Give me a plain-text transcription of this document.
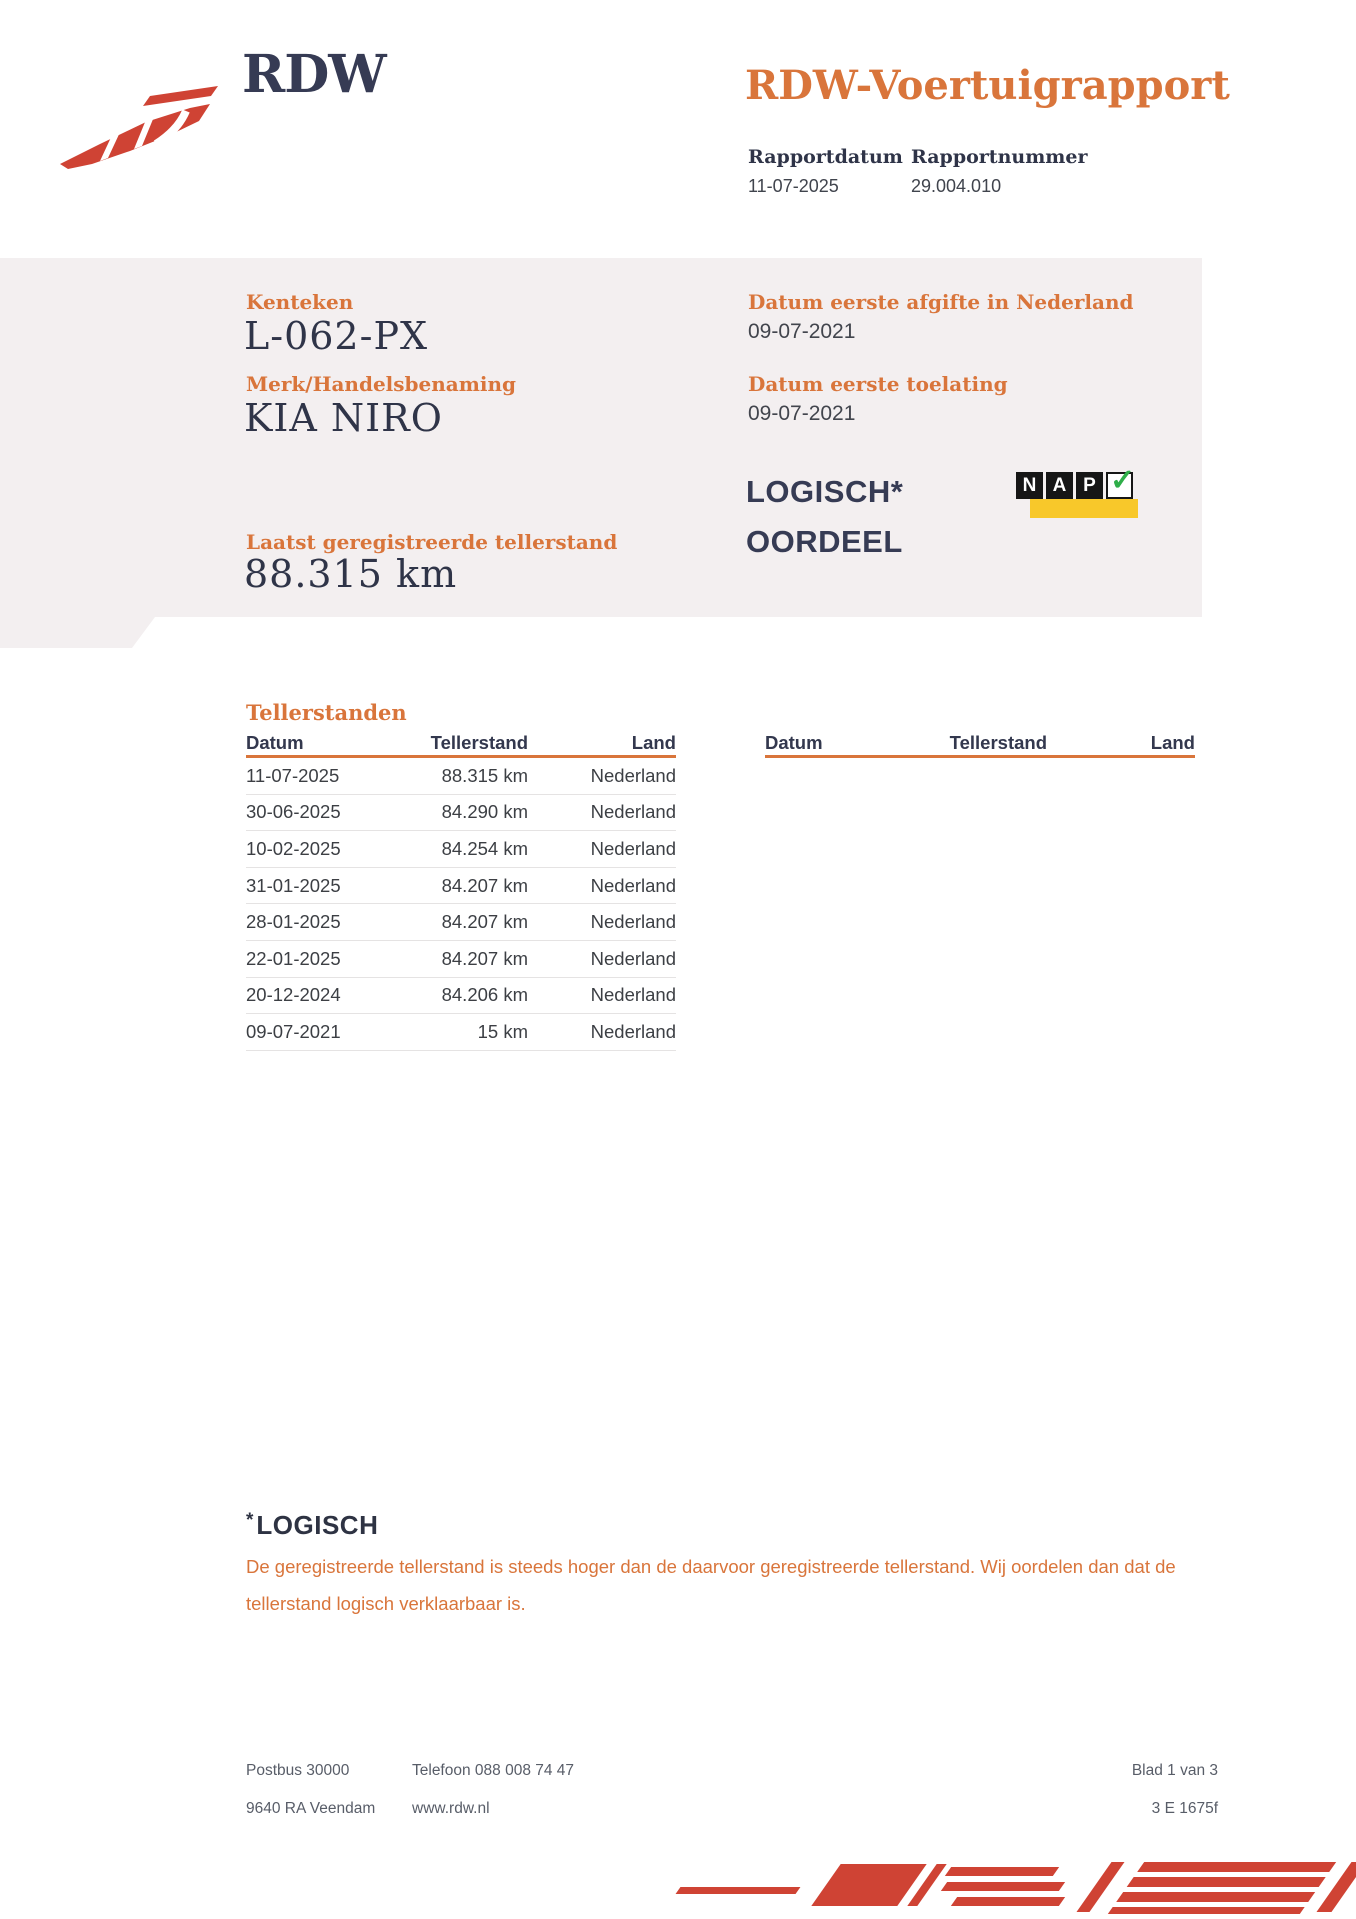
RDW	RDW-Voertuigrapport
Rapportdatum Rapportnummer
11-07-2025	29.004.010
Kenteken
L-062-PX
Merk/Handelsbenaming
KIA NIRO
Laatst geregistreerde tellerstand
88.315 km
Datum eerste afgifte in Nederland
09-07-2021
Datum eerste toelating
09-07-2021
LOGISCH*
OORDEEL
N A P ✓
Tellerstanden
Datum	Tellerstand	Land
11-07-2025	88.315 km	Nederland
30-06-2025	84.290 km	Nederland
10-02-2025	84.254 km	Nederland
31-01-2025	84.207 km	Nederland
28-01-2025	84.207 km	Nederland
22-01-2025	84.207 km	Nederland
20-12-2024	84.206 km	Nederland
09-07-2021	15 km	Nederland
Datum	Tellerstand	Land
* LOGISCH
De geregistreerde tellerstand is steeds hoger dan de daarvoor geregistreerde tellerstand. Wij oordelen dan dat de tellerstand logisch verklaarbaar is.
Postbus 30000
9640 RA Veendam
Telefoon 088 008 74 47
www.rdw.nl
Blad 1 van 3
3 E 1675f
